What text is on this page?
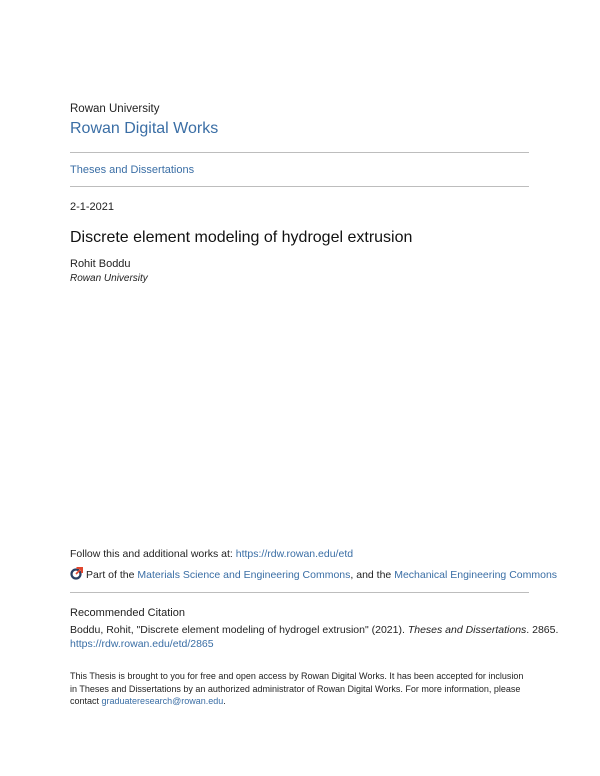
Rowan University
Rowan Digital Works
Theses and Dissertations
2-1-2021
Discrete element modeling of hydrogel extrusion
Rohit Boddu
Rowan University
Follow this and additional works at: https://rdw.rowan.edu/etd
Part of the Materials Science and Engineering Commons, and the Mechanical Engineering Commons
Recommended Citation
Boddu, Rohit, "Discrete element modeling of hydrogel extrusion" (2021). Theses and Dissertations. 2865.
https://rdw.rowan.edu/etd/2865
This Thesis is brought to you for free and open access by Rowan Digital Works. It has been accepted for inclusion
in Theses and Dissertations by an authorized administrator of Rowan Digital Works. For more information, please
contact graduateresearch@rowan.edu.
